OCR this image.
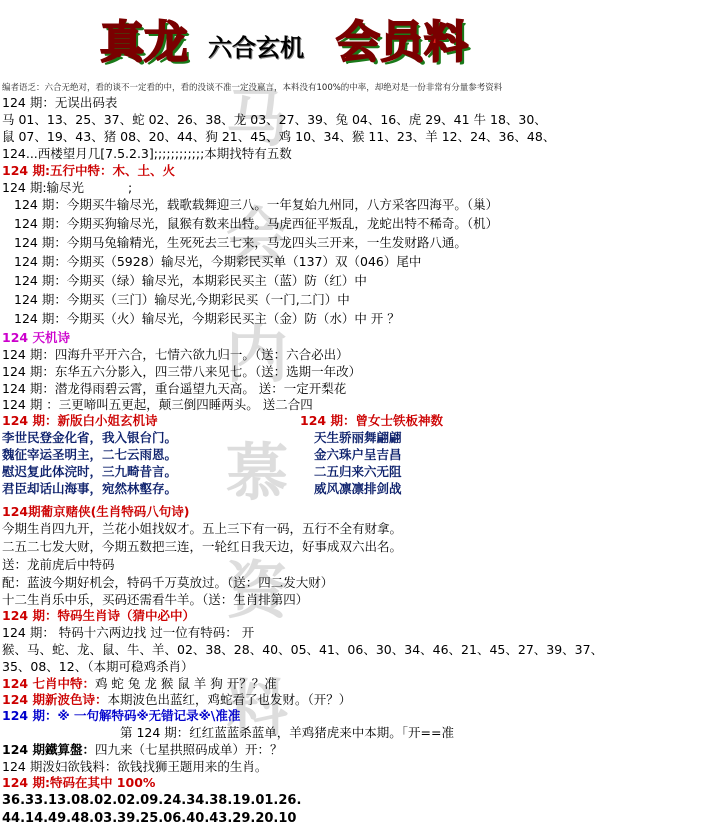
真龙 六合玄机 会员料
马
会
内
慕
资
料
编者语乏：六合无绝对，看的谈不一定看的中，看的没谈不准一定没嬴言，本料没有100%的中率，却绝对是一份非常有分量参考资料
124 期：无误出码表
马 01、13、25、37、蛇 02、26、38、龙 03、27、39、兔 04、16、虎 29、41 牛 18、30、
鼠 07、19、43、猪 08、20、44、狗 21、45、鸡 10、34、猴 11、23、羊 12、24、36、48、
124...西楼望月几[7.5.2.3];;;;;;;;;;;;本期找特有五数
124 期:五行中特：木、土、火
124 期:输尽光	;
124 期：今期买牛输尽光，载歌载舞迎三八。一年复始九州同，八方采客四海平。（巢）
124 期：今期买狗输尽光，鼠猴有数来出特。马虎西征平叛乱，龙蛇出特不稀奇。（机）
124 期：今期马兔输精光，生死死去三七来，马龙四头三开来，一生发财路八通。
124 期：今期买（5928）输尽光，今期彩民买单（137）双（046）尾中
124 期：今期买（绿）输尽光，本期彩民买主（蓝）防（红）中
124 期：今期买（三门）输尽光,今期彩民买（一门,二门）中
124 期：今期买（火）输尽光，今期彩民买主（金）防（水）中 开 ？
124 天机诗
124 期：四海升平开六合，七情六欲九归一。（送：六合必出）
124 期：东华五六分影入，四三带八来见七。（送：选期一年改）
124 期：潜龙得雨碧云霄，重台遥望九天高。 送：一定开梨花
124 期 ：三更啼叫五更起，颠三倒四睡两头。 送二合四
124 期：新版白小姐玄机诗	124 期：曾女士铁板神数
李世民登金化省，我入银台门。
魏征宰运圣明主，二七云雨恩。
慰迟复此体浣时，三九畸昔言。
君臣却话山海事，宛然林壑存。
天生骄丽舞翩翩
金六珠户呈吉昌
二五归来六无阻
威风凛凛排剑战
124期葡京赌侠(生肖特码八句诗)
今期生肖四九开，兰花小姐找奴才。五上三下有一码，五行不全有财拿。
二五二七发大财，今期五数把三连，一轮红日我天边，好事成双六出名。
送：龙前虎后中特码
配：蓝波今期好机会，特码千万莫放过。（送：四二发大财）
十二生肖乐中乐，买码还需看牛羊。（送：生肖排第四）
124 期：特码生肖诗（猜中必中）
124 期： 特码十六两边找 过一位有特码： 开
猴、马、蛇、龙、鼠、牛、羊、02、38、28、40、05、41、06、30、34、46、21、45、27、39、37、
35、08、12、（本期可稳鸡杀肖）
124 七肖中特：鸡 蛇 兔 龙 猴 鼠 羊 狗 开？？准
124 期新波色诗：本期波色出蓝红，鸡蛇看了也发财。（开？）
124 期：※ 一句解特码※无错记录※\准准
第 124 期：红红蓝蓝杀蓝单，羊鸡猪虎来中本期。「开==准
124 期鐵算盤：四九来（七星拱照码成单）开：？
124 期泼妇欲钱料：欲钱找狮王题用来的生肖。
124 期:特码在其中 100%
36.33.13.08.02.02.09.24.34.38.19.01.26.
44.14.49.48.03.39.25.06.40.43.29.20.10
